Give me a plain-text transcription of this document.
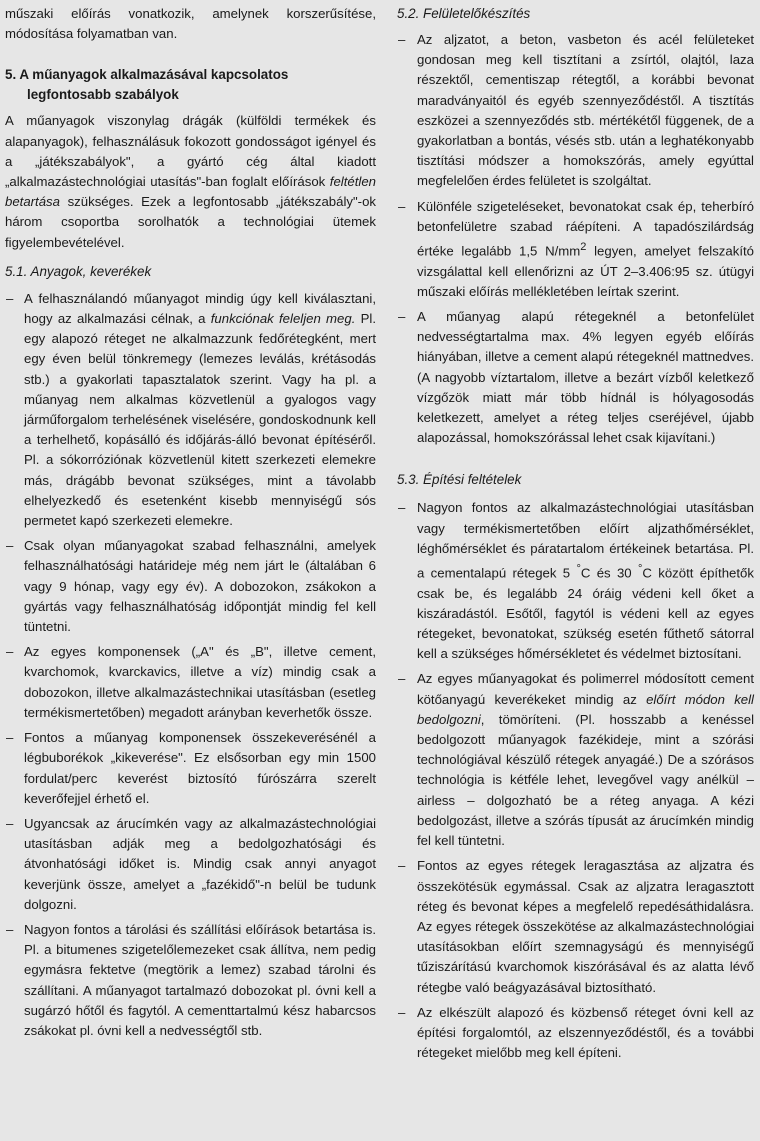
műszaki előírás vonatkozik, amelynek korszerűsítése, módosítása folyamatban van.

5. A műanyagok alkalmazásával kapcsolatos legfontosabb szabályok

A műanyagok viszonylag drágák (külföldi termékek és alapanyagok), felhasználásuk fokozott gondosságot igényel és a „játékszabályok", a gyártó cég által kiadott „alkalmazástechnológiai utasítás"-ban foglalt előírások feltétlen betartása szükséges. Ezek a legfontosabb „játékszabály"-ok három csoportba sorolhatók a technológiai ütemek figyelembevételével.

5.1. Anyagok, keverékek
– A felhasználandó műanyagot mindig úgy kell kiválasztani, hogy az alkalmazási célnak, a funkciónak feleljen meg. Pl. egy alapozó réteget ne alkalmazzunk fedőrétegként, mert egy éven belül tönkremegy (lemezes leválás, krétásodás stb.) a gyakorlati tapasztalatok szerint. Vagy ha pl. a műanyag nem alkalmas közvetlenül a gyalogos vagy járműforgalom terhelésének viselésére, gondoskodnunk kell a terhelhető, kopásálló és időjárás-álló bevonat építéséről. Pl. a sókorróziónak közvetlenül kitett szerkezeti elemekre más, drágább bevonat szükséges, mint a távolabb elhelyezkedő és esetenként kisebb mennyiségű sós permetet kapó szerkezeti elemekre.
– Csak olyan műanyagokat szabad felhasználni, amelyek felhasználhatósági határideje még nem járt le (általában 6 vagy 9 hónap, vagy egy év). A dobozokon, zsákokon a gyártás vagy felhasználhatóság időpontját mindig fel kell tüntetni.
– Az egyes komponensek („A" és „B", illetve cement, kvarchomok, kvarckavics, illetve a víz) mindig csak a dobozokon, illetve alkalmazástechnikai utasításban (esetleg termékismertetőben) megadott arányban keverhetők össze.
– Fontos a műanyag komponensek összekeverésénél a légbuborékok „kikeverése". Ez elsősorban egy min 1500 fordulat/perc keverést biztosító fúrószárra szerelt keverőfejjel érhető el.
– Ugyancsak az árucímkén vagy az alkalmazástechnológiai utasításban adják meg a bedolgozhatósági és átvonhatósági időket is. Mindig csak annyi anyagot keverjünk össze, amelyet a „fazékidő"-n belül be tudunk dolgozni.
– Nagyon fontos a tárolási és szállítási előírások betartása is. Pl. a bitumenes szigetelőlemezeket csak állítva, nem pedig egymásra fektetve (megtörik a lemez) szabad tárolni és szállítani. A műanyagot tartalmazó dobozokat pl. óvni kell a sugárzó hőtől és fagytól. A cementtartalmú kész habarcsos zsákokat pl. óvni kell a nedvességtől stb.
5.2. Felületelőkészítés
– Az aljzatot, a beton, vasbeton és acél felületeket gondosan meg kell tisztítani a zsírtól, olajtól, laza részektől, cementiszap rétegtől, a korábbi bevonat maradványaitól és egyéb szennyeződéstől. A tisztítás eszközei a szennyeződés stb. mértékétől függenek, de a gyakorlatban a bontás, vésés stb. után a leghatékonyabb tisztítási módszer a homokszórás, amely egyúttal megfelelően érdes felületet is szolgáltat.
– Különféle szigeteléseket, bevonatokat csak ép, teherbíró betonfelületre szabad ráépíteni. A tapadószilárdság értéke legalább 1,5 $N/mm^2$ legyen, amelyet felszakító vizsgálattal kell ellenőrizni az ÚT 2–3.406:95 sz. útügyi műszaki előírás mellékletében leírtak szerint.
– A műanyag alapú rétegeknél a betonfelület nedvességtartalma max. 4% legyen egyéb előírás hiányában, illetve a cement alapú rétegeknél mattnedves. (A nagyobb víztartalom, illetve a bezárt vízből keletkező vízgőzök miatt már több hídnál is hólyagosodás keletkezett, amelyet a réteg teljes cseréjével, újabb alapozással, homokszórással lehet csak kijavítani.)
5.3. Építési feltételek
– Nagyon fontos az alkalmazástechnológiai utasításban vagy termékismertetőben előírt aljzathőmérséklet, léghőmérséklet és páratartalom értékeinek betartása. Pl. a cementalapú rétegek 5 °C és 30 °C között építhetők csak be, és legalább 24 óráig védeni kell őket a kiszáradástól. Esőtől, fagytól is védeni kell az egyes rétegeket, bevonatokat, szükség esetén fűthető sátorral kell a szükséges hőmérsékletet és védelmet biztosítani.
– Az egyes műanyagokat és polimerrel módosított cement kötőanyagú keverékeket mindig az előírt módon kell bedolgozni, tömöríteni. (Pl. hosszabb a kenéssel bedolgozott műanyagok fazékideje, mint a szórási technológiával készülő rétegek anyagáé.) De a szórásos technológia is kétféle lehet, levegővel vagy anélkül – airless – dolgozható be a réteg anyaga. A kézi bedolgozást, illetve a szórás típusát az árucímkén mindig fel kell tüntetni.
– Fontos az egyes rétegek leragasztása az aljzatra és összekötésük egymással. Csak az aljzatra leragasztott réteg és bevonat képes a megfelelő repedésáthidalásra. Az egyes rétegek összekötése az alkalmazástechnológiai utasításokban előírt szemnagyságú és mennyiségű tűziszárítású kvarchomok kiszórásával és az alatta lévő rétegbe való beágyazásával biztosítható.
– Az elkészült alapozó és közbenső réteget óvni kell az építési forgalomtól, az elszennyeződéstől, és a további rétegeket mielőbb meg kell építeni.
